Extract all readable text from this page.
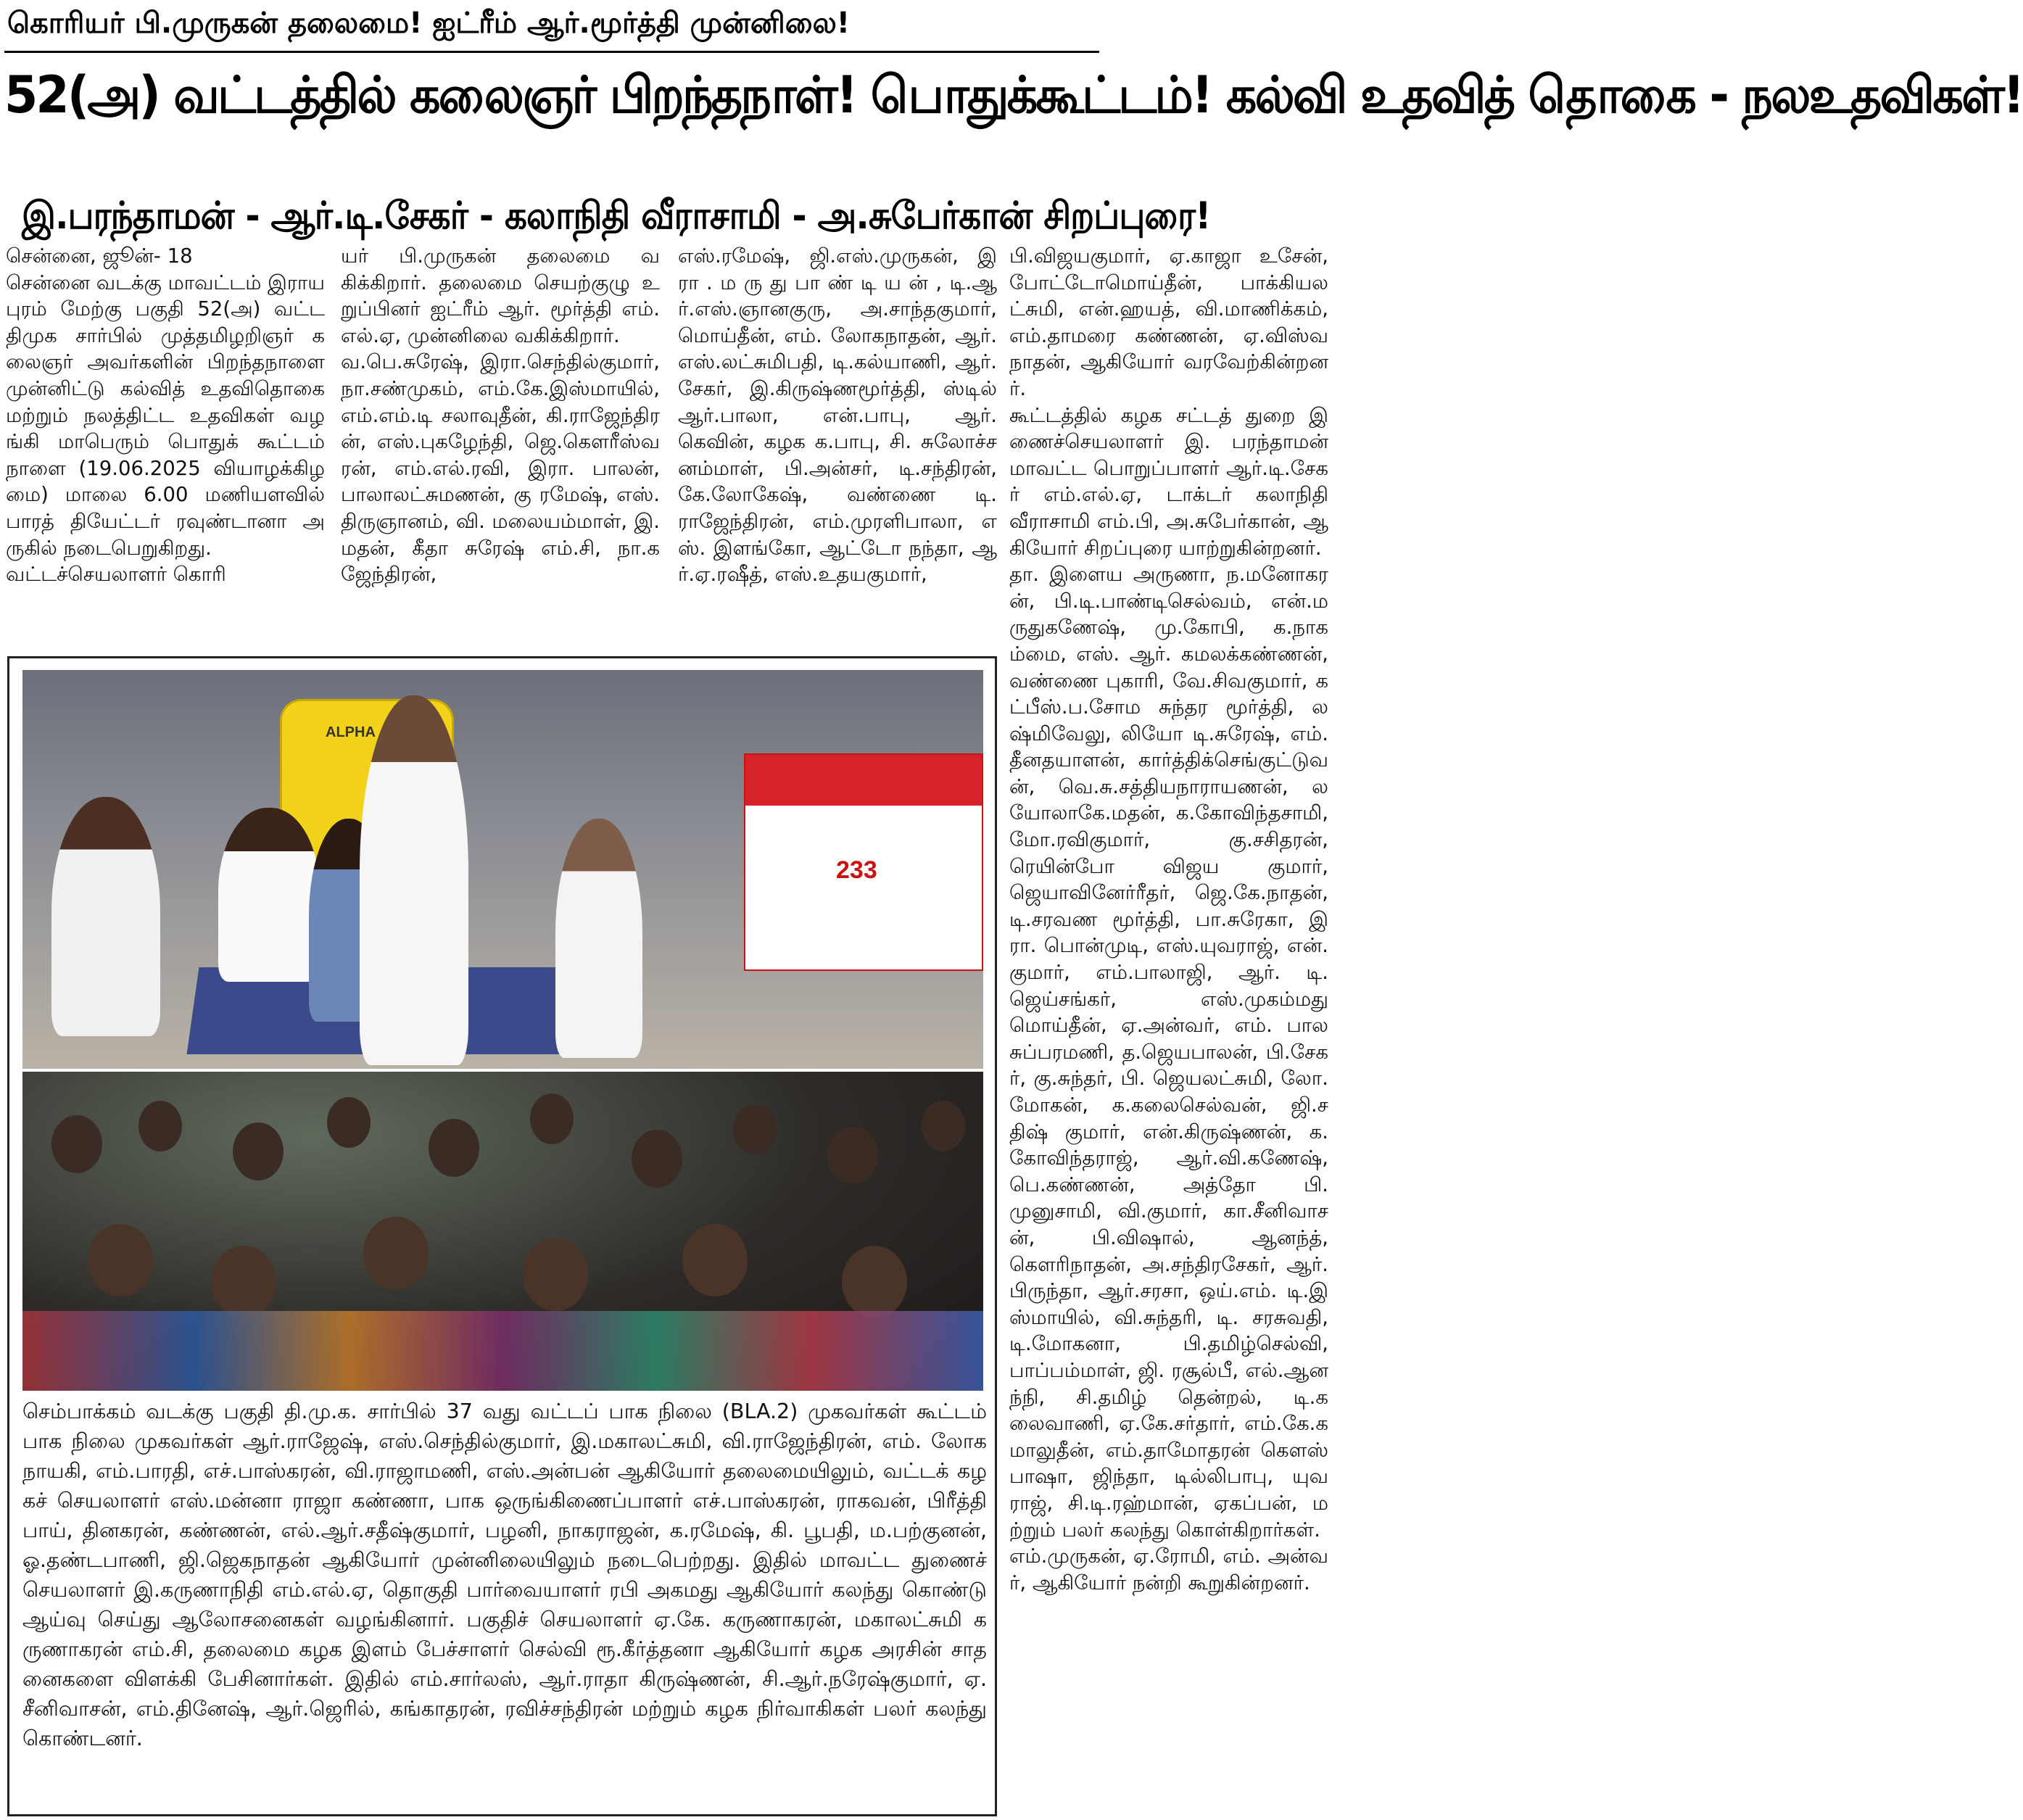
கொரியர் பி.முருகன் தலைமை! ஐட்ரீம் ஆர்.மூர்த்தி முன்னிலை!
52(அ) வட்டத்தில் கலைஞர் பிறந்தநாள்! பொதுக்கூட்டம்! கல்வி உதவித் தொகை - நலஉதவிகள்!
இ.பரந்தாமன் - ஆர்.டி.சேகர் - கலாநிதி வீராசாமி - அ.சுபேர்கான் சிறப்புரை!
சென்னை, ஜூன்- 18
சென்னை வடக்கு மாவட்டம் இராயபுரம் மேற்கு பகுதி 52(அ) வட்ட திமுக சார்பில் முத்தமிழறிஞர் கலைஞர் அவர்களின் பிறந்தநாளை முன்னிட்டு கல்வித் உதவிதொகை மற்றும் நலத்திட்ட உதவிகள் வழங்கி மாபெரும் பொதுக் கூட்டம் நாளை (19.06.2025 வியாழக்கிழமை) மாலை 6.00 மணியளவில் பாரத் தியேட்டர் ரவுண்டானா அருகில் நடைபெறுகிறது.
வட்டச்செயலாளர் கொரி
யர் பி.முருகன் தலைமை வகிக்கிறார். தலைமை செயற்குழு உறுப்பினர் ஐட்ரீம் ஆர். மூர்த்தி எம்.எல்.ஏ, முன்னிலை வகிக்கிறார்.
வ.பெ.சுரேஷ், இரா.செந்தில்குமார், நா.சண்முகம், எம்.கே.இஸ்மாயில், எம்.எம்.டி சலாவுதீன், கி.ராஜேந்திரன், எஸ்.புகழேந்தி, ஜெ.கௌரீஸ்வரன், எம்.எல்.ரவி, இரா. பாலன், பாலாலட்சுமணன், கு ரமேஷ், எஸ்.திருஞானம், வி. மலையம்மாள், இ.மதன், கீதா சுரேஷ் எம்.சி, நா.கஜேந்திரன்,
எஸ்.ரமேஷ், ஜி.எஸ்.முருகன், இ ரா . ம ரு து பா ண் டி ய ன் , டி.ஆர்.எஸ்.ஞானகுரு, அ.சாந்தகுமார், மொய்தீன், எம். லோகநாதன், ஆர்.எஸ்.லட்சுமிபதி, டி.கல்யாணி, ஆர்.சேகர், இ.கிருஷ்ணமூர்த்தி, ஸ்டில் ஆர்.பாலா, என்.பாபு, ஆர். கெவின், கழக க.பாபு, சி. சுலோச்ச னம்மாள், பி.அன்சர், டி.சந்திரன், கே.லோகேஷ், வண்ணை டி.ராஜேந்திரன், எம்.முரளிபாலா, எஸ். இளங்கோ, ஆட்டோ நந்தா, ஆர்.ஏ.ரஷீத், எஸ்.உதயகுமார்,
பி.விஜயகுமார், ஏ.காஜா உசேன், போட்டோமொய்தீன், பாக்கியலட்சுமி, என்.ஹயத், வி.மாணிக்கம், எம்.தாமரை கண்ணன், ஏ.விஸ்வநாதன், ஆகியோர் வரவேற்கின்றனர்.
கூட்டத்தில் கழக சட்டத் துறை இணைச்செயலாளர் இ. பரந்தாமன் மாவட்ட பொறுப்பாளர் ஆர்.டி.சேகர் எம்.எல்.ஏ, டாக்டர் கலாநிதி வீராசாமி எம்.பி, அ.சுபேர்கான், ஆகியோர் சிறப்புரை யாற்றுகின்றனர்.
தா. இளைய அருணா, ந.மனோகரன், பி.டி.பாண்டிசெல்வம், என்.மருதுகணேஷ், மு.கோபி, க.நாகம்மை, எஸ். ஆர். கமலக்கண்ணன், வண்ணை புகாரி, வே.சிவகுமார், கட்பீஸ்.ப.சோம சுந்தர மூர்த்தி, லஷ்மிவேலு, லியோ டி.சுரேஷ், எம்.தீனதயாளன், கார்த்திக்செங்குட்டுவன், வெ.சு.சத்தியநாராயணன், லயோலாகே.மதன், க.கோவிந்தசாமி, மோ.ரவிகுமார், கு.சசிதரன், ரெயின்போ விஜய குமார், ஜெயாவினேர்ரீதர், ஜெ.கே.நாதன், டி.சரவண மூர்த்தி, பா.சுரேகா, இரா. பொன்முடி, எஸ்.யுவராஜ், என்.குமார், எம்.பாலாஜி, ஆர். டி.ஜெய்சங்கர், எஸ்.முகம்மது மொய்தீன், ஏ.அன்வர், எம். பாலசுப்பரமணி, த.ஜெயபாலன், பி.சேகர், கு.சுந்தர், பி. ஜெயலட்சுமி, லோ.மோகன், க.கலைசெல்வன், ஜி.சதிஷ் குமார், என்.கிருஷ்ணன், க. கோவிந்தராஜ், ஆர்.வி.கணேஷ், பெ.கண்ணன், அத்தோ பி.முனுசாமி, வி.குமார், கா.சீனிவாசன், பி.விஷால், ஆனந்த், கௌரிநாதன், அ.சந்திரசேகர், ஆர். பிருந்தா, ஆர்.சரசா, ஒய்.எம். டி.இஸ்மாயில், வி.சுந்தரி, டி. சரசுவதி, டி.மோகனா, பி.தமிழ்செல்வி, பாப்பம்மாள், ஜி. ரசூல்பீ, எல்.ஆனந்நி, சி.தமிழ் தென்றல், டி.கலைவாணி, ஏ.கே.சர்தார், எம்.கே.கமாலுதீன், எம்.தாமோதரன் கௌஸ் பாஷா, ஜிந்தா, டில்லிபாபு, யுவராஜ், சி.டி.ரஹ்மான், ஏகப்பன், மற்றும் பலர் கலந்து கொள்கிறார்கள்.
எம்.முருகன், ஏ.ரோமி, எம். அன்வர், ஆகியோர் நன்றி கூறுகின்றனர்.
ALPHA
233
செம்பாக்கம் வடக்கு பகுதி தி.மு.க. சார்பில் 37 வது வட்டப் பாக நிலை (BLA.2) முகவர்கள் கூட்டம் பாக நிலை முகவர்கள் ஆர்.ராஜேஷ், எஸ்.செந்தில்குமார், இ.மகாலட்சுமி, வி.ராஜேந்திரன், எம். லோகநாயகி, எம்.பாரதி, எச்.பாஸ்கரன், வி.ராஜாமணி, எஸ்.அன்பன் ஆகியோர் தலைமையிலும், வட்டக் கழகச் செயலாளர் எஸ்.மன்னா ராஜா கண்ணா, பாக ஒருங்கிணைப்பாளர் எச்.பாஸ்கரன், ராகவன், பிரீத்தி பாய், தினகரன், கண்ணன், எல்.ஆர்.சதீஷ்குமார், பழனி, நாகராஜன், க.ரமேஷ், கி. பூபதி, ம.பற்குனன், ஓ.தண்டபாணி, ஜி.ஜெகநாதன் ஆகியோர் முன்னிலையிலும் நடைபெற்றது. இதில் மாவட்ட துணைச் செயலாளர் இ.கருணாநிதி எம்.எல்.ஏ, தொகுதி பார்வையாளர் ரபி அகமது ஆகியோர் கலந்து கொண்டு ஆய்வு செய்து ஆலோசனைகள் வழங்கினார். பகுதிச் செயலாளர் ஏ.கே. கருணாகரன், மகாலட்சுமி கருணாகரன் எம்.சி, தலைமை கழக இளம் பேச்சாளர் செல்வி ரூ.கீர்த்தனா ஆகியோர் கழக அரசின் சாதனைகளை விளக்கி பேசினார்கள். இதில் எம்.சார்லஸ், ஆர்.ராதா கிருஷ்ணன், சி.ஆர்.நரேஷ்குமார், ஏ.சீனிவாசன், எம்.தினேஷ், ஆர்.ஜெரில், கங்காதரன், ரவிச்சந்திரன் மற்றும் கழக நிர்வாகிகள் பலர் கலந்து கொண்டனர்.
